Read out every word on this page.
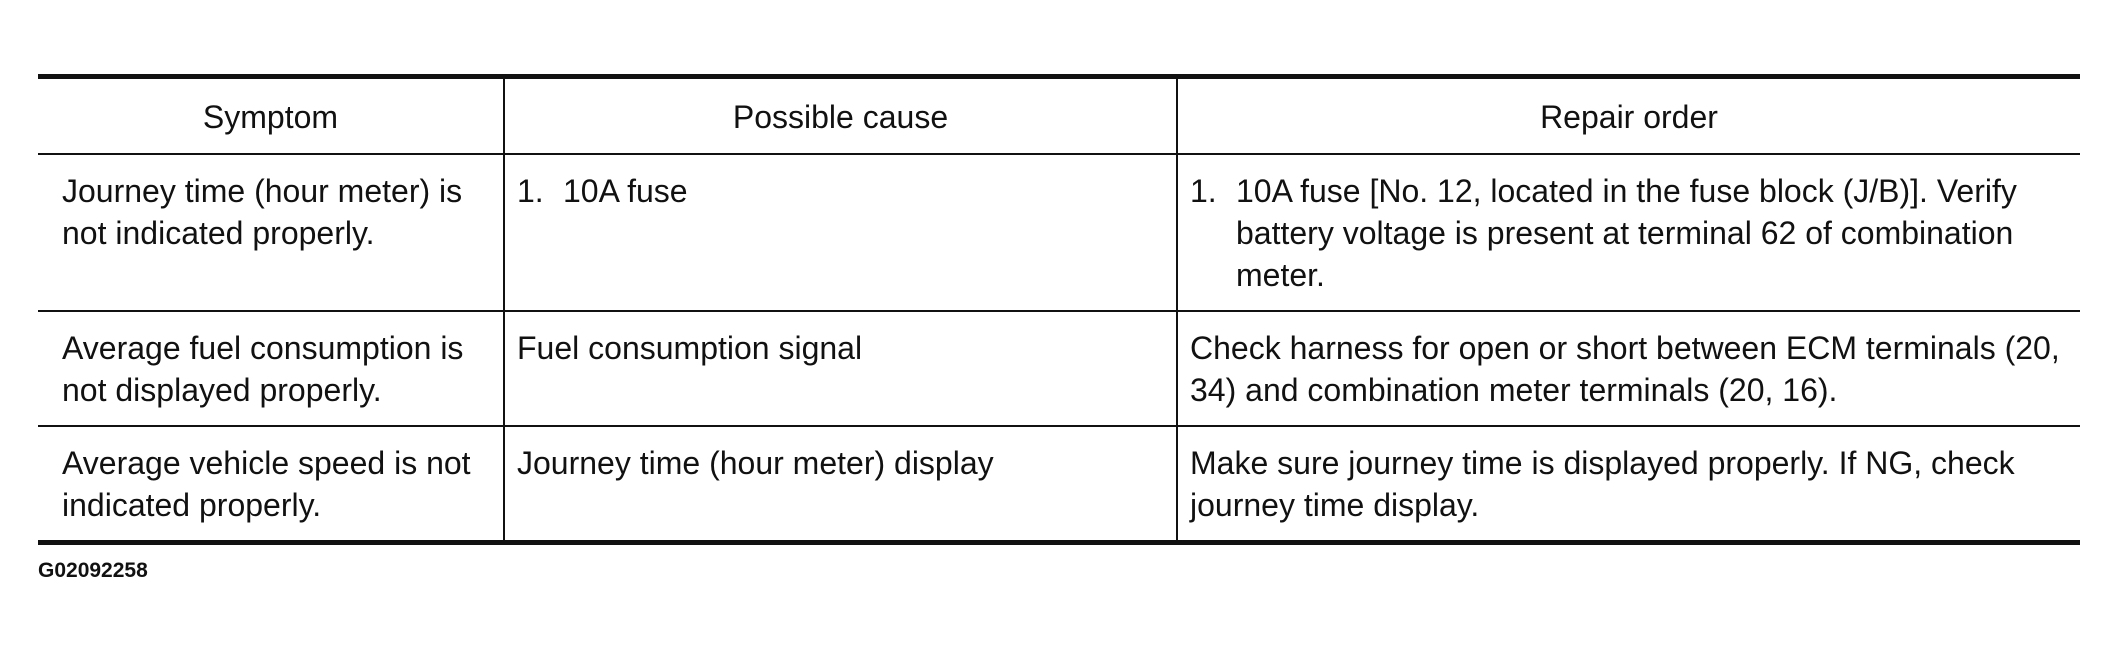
Symptom	Possible cause	Repair order
Journey time (hour meter) is not indicated properly.	1. 10A fuse	1. 10A fuse [No. 12, located in the fuse block (J/B)]. Verify battery voltage is present at terminal 62 of combination meter.

Average fuel consumption is not displayed properly.	Fuel consumption signal	Check harness for open or short between ECM terminals (20, 34) and combination meter terminals (20, 16).
Average vehicle speed is not indicated properly.	Journey time (hour meter) display	Make sure journey time is displayed properly. If NG, check journey time display.
G02092258
